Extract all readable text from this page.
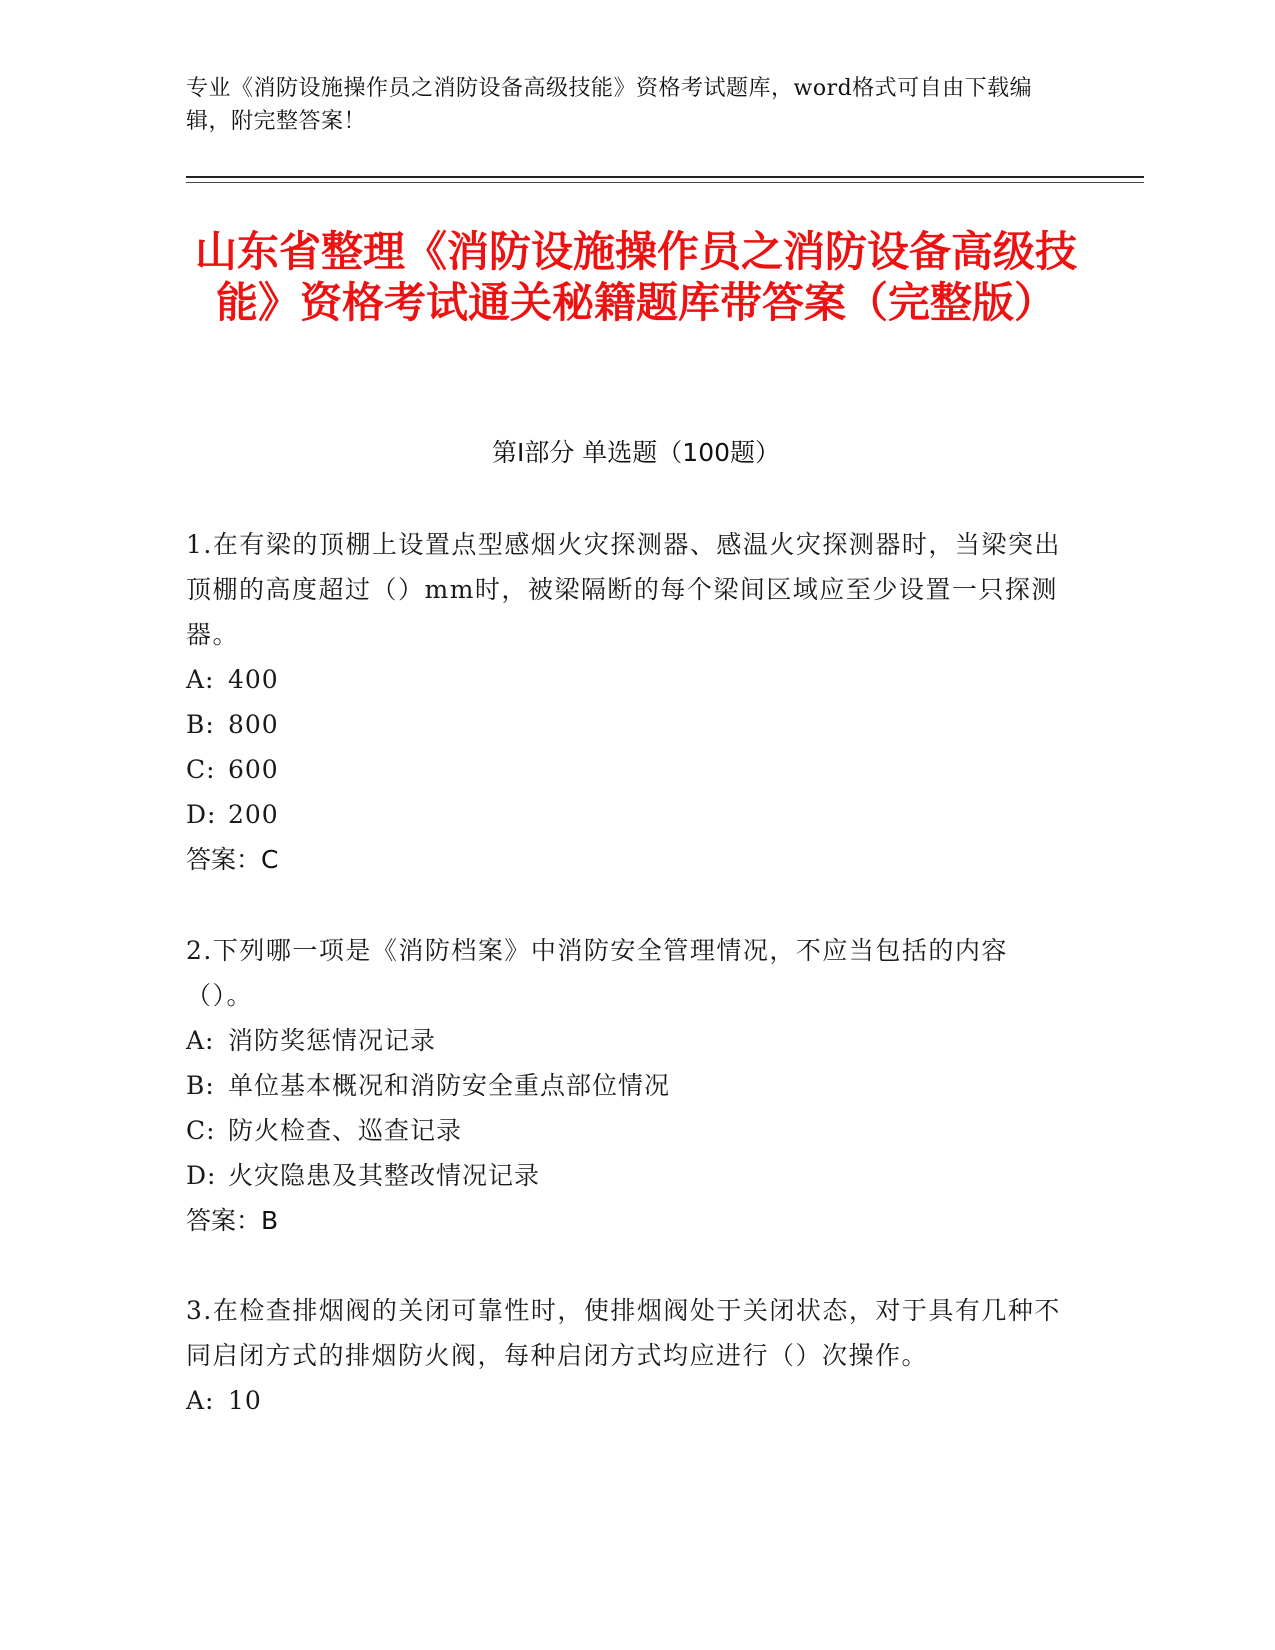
专业《消防设施操作员之消防设备高级技能》资格考试题库，word格式可自由下载编辑，附完整答案！
山东省整理《消防设施操作员之消防设备高级技能》资格考试通关秘籍题库带答案（完整版）
第Ⅰ部分 单选题（100题）
1.在有梁的顶棚上设置点型感烟火灾探测器、感温火灾探测器时，当梁突出顶棚的高度超过（）mm时，被梁隔断的每个梁间区域应至少设置一只探测器。
A: 400
B: 800
C: 600
D: 200
答案：C
2.下列哪一项是《消防档案》中消防安全管理情况，不应当包括的内容（）。
A: 消防奖惩情况记录
B: 单位基本概况和消防安全重点部位情况
C: 防火检查、巡查记录
D: 火灾隐患及其整改情况记录
答案：B
3.在检查排烟阀的关闭可靠性时，使排烟阀处于关闭状态，对于具有几种不同启闭方式的排烟防火阀，每种启闭方式均应进行（）次操作。
A: 10
